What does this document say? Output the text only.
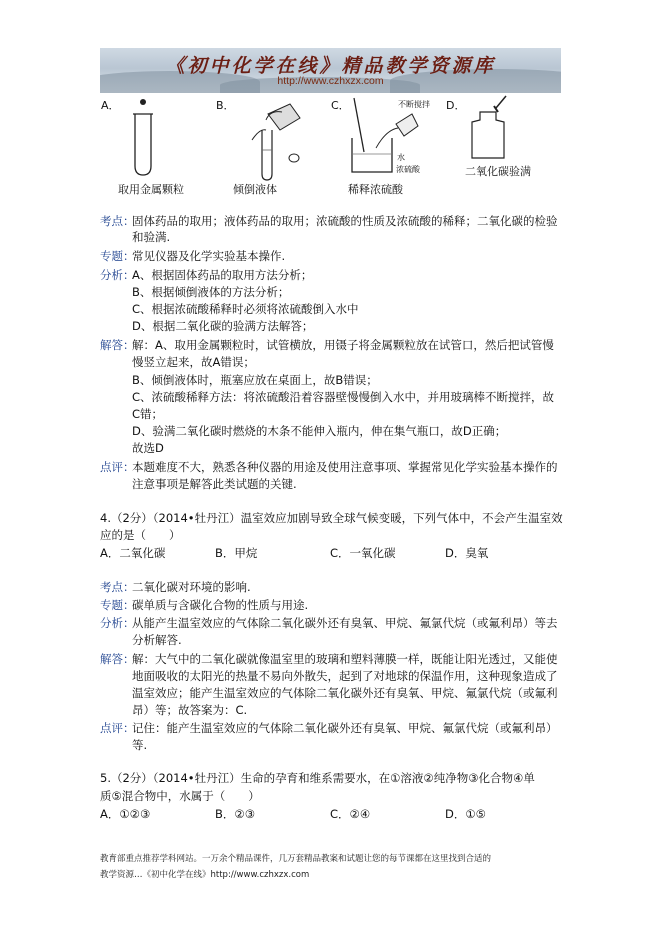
《初中化学在线》精品教学资源库
http://www.czhxzx.com
A．	B．	C．	D．
不断搅拌
水
浓硫酸
取用金属颗粒	倾倒液体	稀释浓硫酸
二氧化碳验满
考点：
固体药品的取用；液体药品的取用；浓硫酸的性质及浓硫酸的稀释；二氧化碳的检验
和验满.
专题：
常见仪器及化学实验基本操作.
分析：
A、根据固体药品的取用方法分析；
B、根据倾倒液体的方法分析；
C、根据浓硫酸稀释时必须将浓硫酸倒入水中
D、根据二氧化碳的验满方法解答；
解答：
解：A、取用金属颗粒时，试管横放，用镊子将金属颗粒放在试管口，然后把试管慢
慢竖立起来，故A错误；
B、倾倒液体时，瓶塞应放在桌面上，故B错误；
C、浓硫酸稀释方法：将浓硫酸沿着容器壁慢慢倒入水中，并用玻璃棒不断搅拌，故
C错；
D、验满二氧化碳时燃烧的木条不能伸入瓶内，伸在集气瓶口，故D正确；
故选D
点评：
本题难度不大，熟悉各种仪器的用途及使用注意事项、掌握常见化学实验基本操作的
注意事项是解答此类试题的关键.
4.（2分）（2014•牡丹江）温室效应加剧导致全球气候变暖，下列气体中，不会产生温室效
应的是（　　）
A．二氧化碳	B．甲烷	C．一氧化碳	D．臭氧
考点：
二氧化碳对环境的影响.
专题：
碳单质与含碳化合物的性质与用途.
分析：
从能产生温室效应的气体除二氧化碳外还有臭氧、甲烷、氟氯代烷（或氟利昂）等去
分析解答.
解答：
解：大气中的二氧化碳就像温室里的玻璃和塑料薄膜一样，既能让阳光透过，又能使
地面吸收的太阳光的热量不易向外散失，起到了对地球的保温作用，这种现象造成了
温室效应；能产生温室效应的气体除二氧化碳外还有臭氧、甲烷、氟氯代烷（或氟利
昂）等；故答案为：C.
点评：
记住：能产生温室效应的气体除二氧化碳外还有臭氧、甲烷、氟氯代烷（或氟利昂）
等.
5.（2分）（2014•牡丹江）生命的孕育和维系需要水，在①溶液②纯净物③化合物④单
质⑤混合物中，水属于（　　）
A．①②③	B．②③	C．②④	D．①⑤
教育部重点推荐学科网站。一万余个精品课件，几万套精品教案和试题让您的每节课都在这里找到合适的
教学资源…《初中化学在线》http://www.czhxzx.com
